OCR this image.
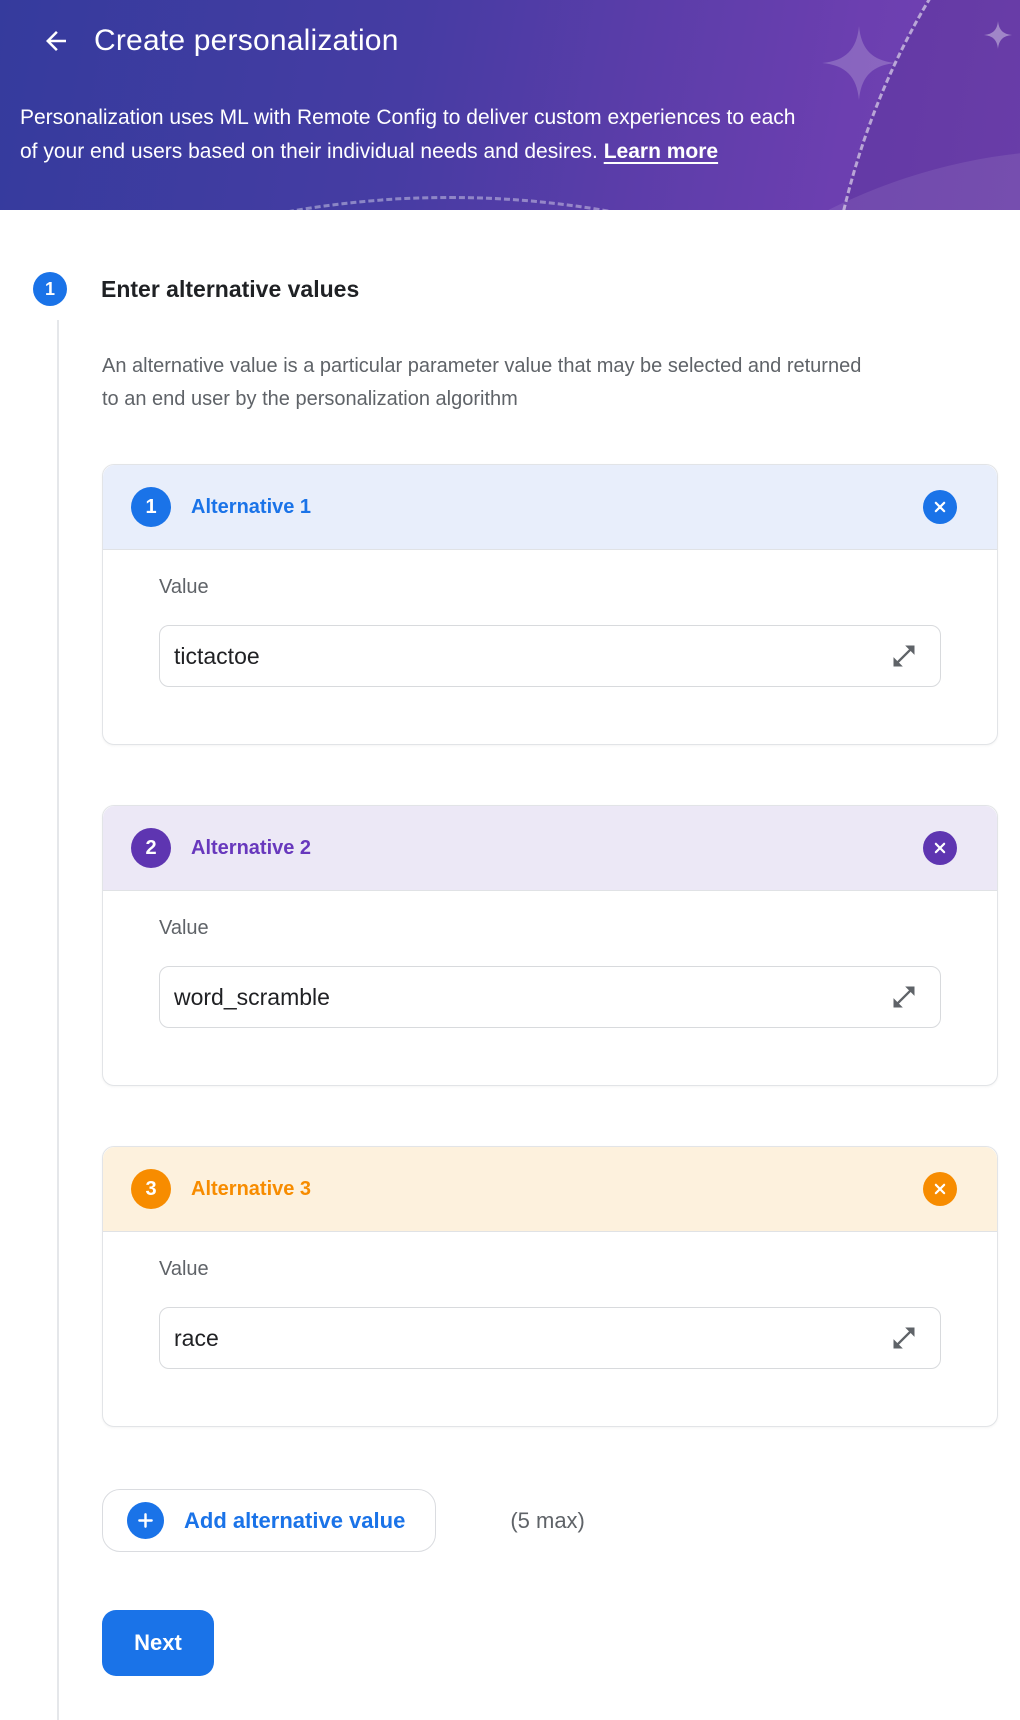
Create personalization

Personalization uses ML with Remote Config to deliver custom experiences to each
of your end users based on their individual needs and desires. Learn more

1	Enter alternative values

An alternative value is a particular parameter value that may be selected and returned
to an end user by the personalization algorithm

1	Alternative 1
Value
tictactoe
2	Alternative 2
Value
word_scramble
3	Alternative 3
Value
race
Add alternative value	(5 max)
Next
